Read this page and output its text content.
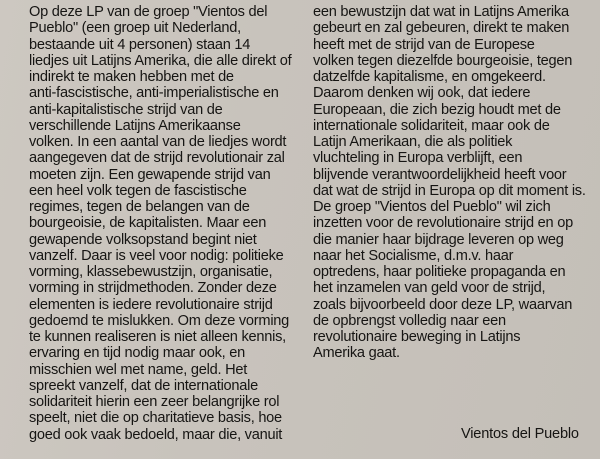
Op deze LP van de groep "Vientos del
Pueblo" (een groep uit Nederland,
bestaande uit 4 personen) staan 14
liedjes uit Latijns Amerika, die alle direkt of
indirekt te maken hebben met de
anti-fascistische, anti-imperialistische en
anti-kapitalistische strijd van de
verschillende Latijns Amerikaanse
volken. In een aantal van de liedjes wordt
aangegeven dat de strijd revolutionair zal
moeten zijn. Een gewapende strijd van
een heel volk tegen de fascistische
regimes, tegen de belangen van de
bourgeoisie, de kapitalisten. Maar een
gewapende volksopstand begint niet
vanzelf. Daar is veel voor nodig: politieke
vorming, klassebewustzijn, organisatie,
vorming in strijdmethoden. Zonder deze
elementen is iedere revolutionaire strijd
gedoemd te mislukken. Om deze vorming
te kunnen realiseren is niet alleen kennis,
ervaring en tijd nodig maar ook, en
misschien wel met name, geld. Het
spreekt vanzelf, dat de internationale
solidariteit hierin een zeer belangrijke rol
speelt, niet die op charitatieve basis, hoe
goed ook vaak bedoeld, maar die, vanuit
een bewustzijn dat wat in Latijns Amerika
gebeurt en zal gebeuren, direkt te maken
heeft met de strijd van de Europese
volken tegen diezelfde bourgeoisie, tegen
datzelfde kapitalisme, en omgekeerd.
Daarom denken wij ook, dat iedere
Europeaan, die zich bezig houdt met de
internationale solidariteit, maar ook de
Latijn Amerikaan, die als politiek
vluchteling in Europa verblijft, een
blijvende verantwoordelijkheid heeft voor
dat wat de strijd in Europa op dit moment is.
De groep "Vientos del Pueblo" wil zich
inzetten voor de revolutionaire strijd en op
die manier haar bijdrage leveren op weg
naar het Socialisme, d.m.v. haar
optredens, haar politieke propaganda en
het inzamelen van geld voor de strijd,
zoals bijvoorbeeld door deze LP, waarvan
de opbrengst volledig naar een
revolutionaire beweging in Latijns
Amerika gaat.
Vientos del Pueblo
